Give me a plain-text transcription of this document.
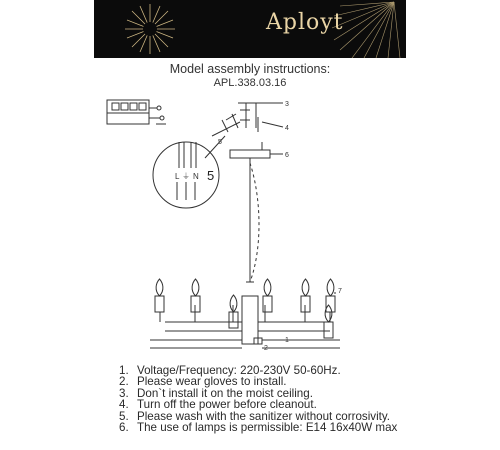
Aployt
Model assembly instructions:
APL.338.03.16
1
2
3
4
5
6
7
L ⏚ N 5
1. Voltage/Frequency: 220-230V 50-60Hz.
2. Please wear gloves to install.
3. Don`t install it on the moist ceiling.
4. Turn off the power before cleanout.
5. Please wash with the sanitizer without corrosivity.
6. The use of lamps is permissible: E14 16x40W max
